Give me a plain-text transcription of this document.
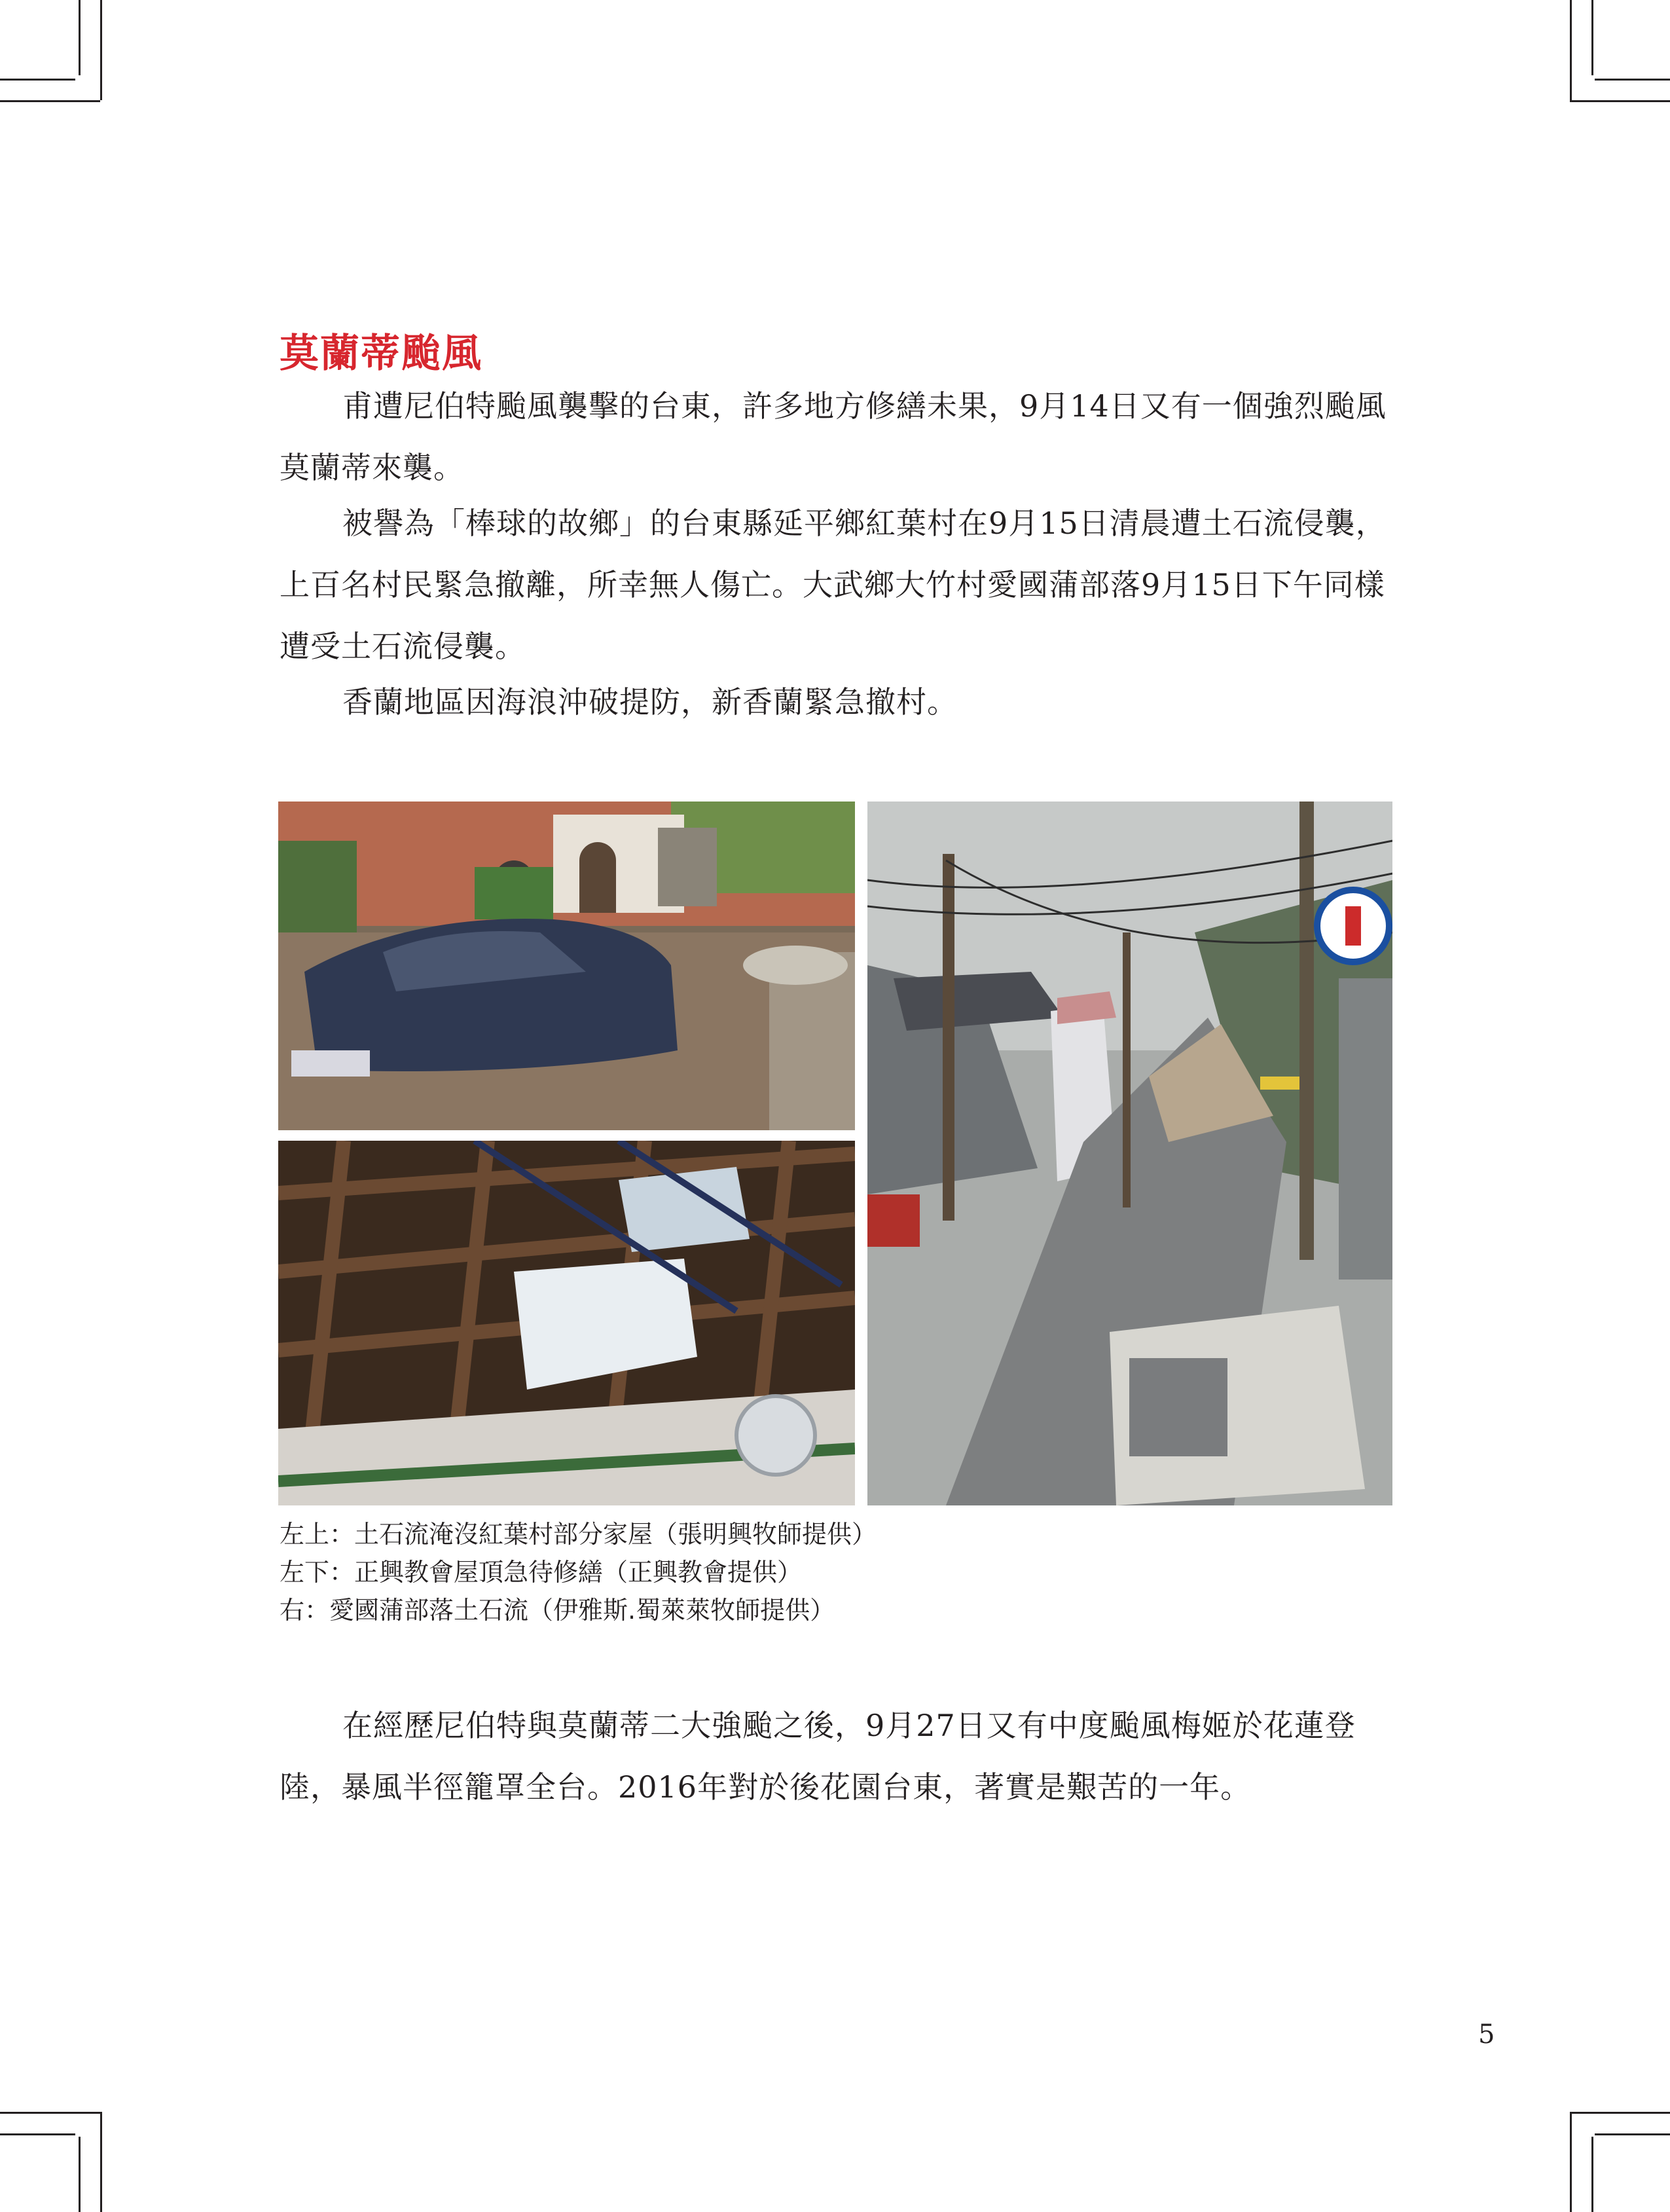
莫蘭蒂颱風

甫遭尼伯特颱風襲擊的台東，許多地方修繕未果，9月14日又有一個強烈颱風莫蘭蒂來襲。

被譽為「棒球的故鄉」的台東縣延平鄉紅葉村在9月15日清晨遭土石流侵襲，上百名村民緊急撤離，所幸無人傷亡。大武鄉大竹村愛國蒲部落9月15日下午同樣遭受土石流侵襲。

香蘭地區因海浪沖破提防，新香蘭緊急撤村。

左上：土石流淹沒紅葉村部分家屋（張明興牧師提供）
左下：正興教會屋頂急待修繕（正興教會提供）
右：愛國蒲部落土石流（伊雅斯.蜀萊萊牧師提供）

在經歷尼伯特與莫蘭蒂二大強颱之後，9月27日又有中度颱風梅姬於花蓮登陸，暴風半徑籠罩全台。2016年對於後花園台東，著實是艱苦的一年。

5
